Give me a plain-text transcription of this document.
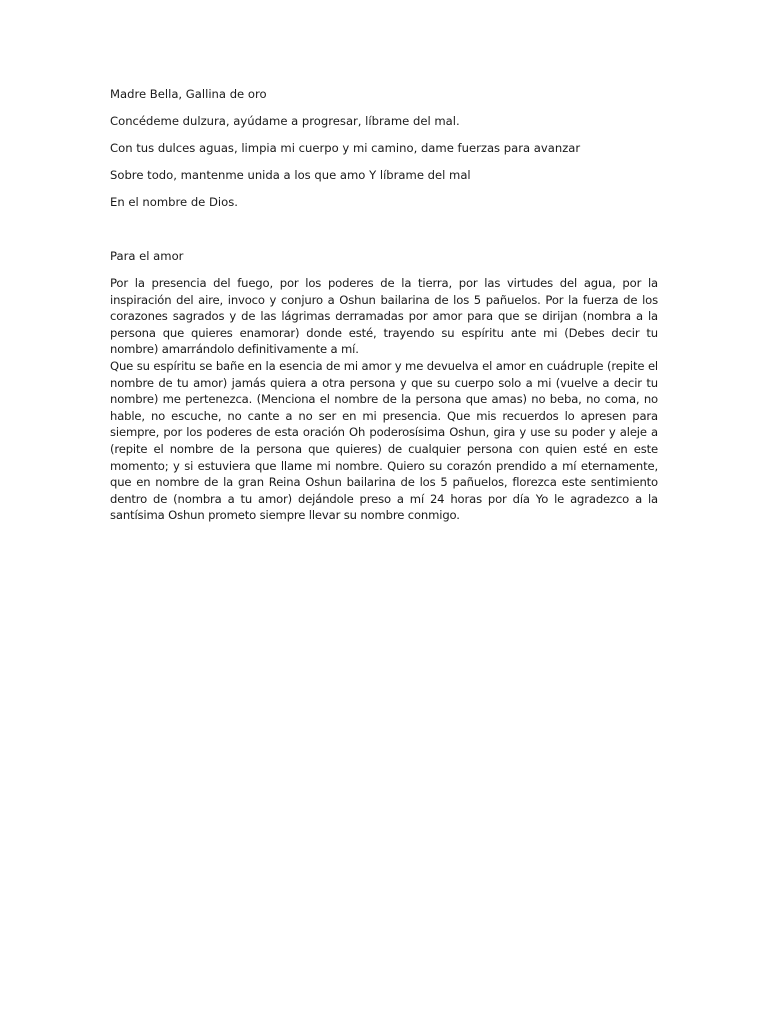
Madre Bella, Gallina de oro

Concédeme dulzura, ayúdame a progresar, líbrame del mal.

Con tus dulces aguas, limpia mi cuerpo y mi camino, dame fuerzas para avanzar

Sobre todo, mantenme unida a los que amo Y líbrame del mal

En el nombre de Dios.

Para el amor

Por la presencia del fuego, por los poderes de la tierra, por las virtudes del agua, por la inspiración del aire, invoco y conjuro a Oshun bailarina de los 5 pañuelos. Por la fuerza de los corazones sagrados y de las lágrimas derramadas por amor para que se dirijan (nombra a la persona que quieres enamorar) donde esté, trayendo su espíritu ante mi (Debes decir tu nombre) amarrándolo definitivamente a mí.

Que su espíritu se bañe en la esencia de mi amor y me devuelva el amor en cuádruple (repite el nombre de tu amor) jamás quiera a otra persona y que su cuerpo solo a mi (vuelve a decir tu nombre) me pertenezca. (Menciona el nombre de la persona que amas) no beba, no coma, no hable, no escuche, no cante a no ser en mi presencia. Que mis recuerdos lo apresen para siempre, por los poderes de esta oración Oh poderosísima Oshun, gira y use su poder y aleje a (repite el nombre de la persona que quieres) de cualquier persona con quien esté en este momento; y si estuviera que llame mi nombre. Quiero su corazón prendido a mí eternamente, que en nombre de la gran Reina Oshun bailarina de los 5 pañuelos, florezca este sentimiento dentro de (nombra a tu amor) dejándole preso a mí 24 horas por día Yo le agradezco a la santísima Oshun prometo siempre llevar su nombre conmigo.
